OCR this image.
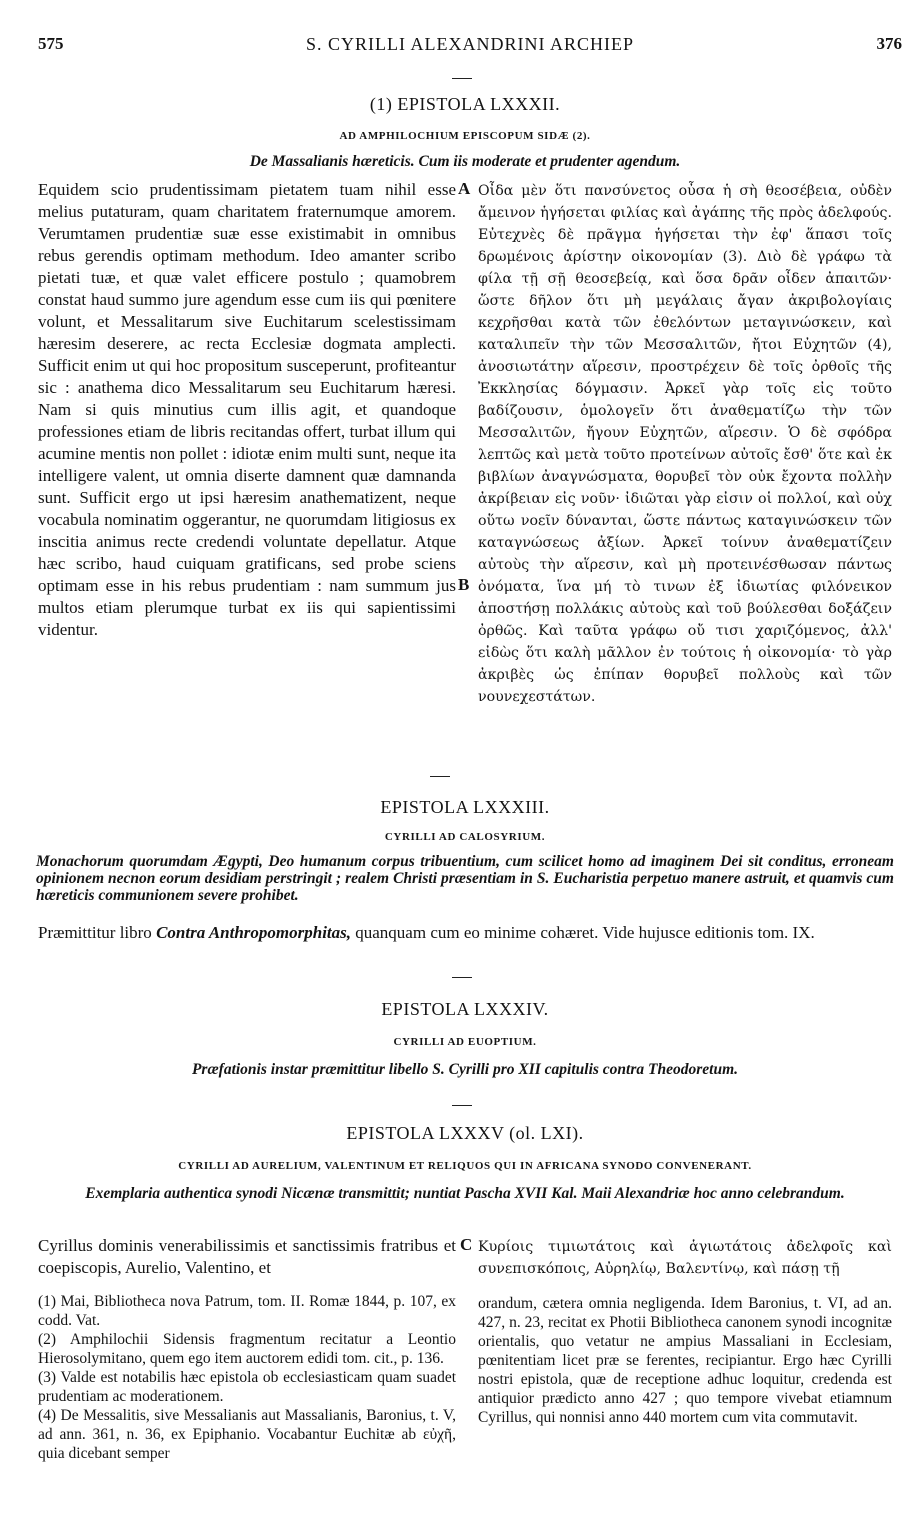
575	S. CYRILLI ALEXANDRINI ARCHIEP	376
(1) EPISTOLA LXXXII.
AD AMPHILOCHIUM EPISCOPUM SIDÆ (2).
De Massalianis hæreticis. Cum iis moderate et prudenter agendum.

Equidem scio prudentissimam pietatem tuam nihil esse melius putaturam, quam charitatem fraternumque amorem. Verumtamen prudentiæ suæ esse existimabit in omnibus rebus gerendis optimam methodum. Ideo amanter scribo pietati tuæ, et quæ valet efficere postulo ; quamobrem constat haud summo jure agendum esse cum iis qui pœnitere volunt, et Messalitarum sive Euchitarum scelestissimam hæresim deserere, ac recta Ecclesiæ dogmata amplecti. Sufficit enim ut qui hoc propositum susceperunt, profiteantur sic : anathema dico Messalitarum seu Euchitarum hæresi. Nam si quis minutius cum illis agit, et quandoque professiones etiam de libris recitandas offert, turbat illum qui acumine mentis non pollet : idiotæ enim multi sunt, neque ita intelligere valent, ut omnia diserte damnent quæ damnanda sunt. Sufficit ergo ut ipsi hæresim anathematizent, neque vocabula nominatim oggerantur, ne quorumdam litigiosus ex inscitia animus recte credendi voluntate depellatur. Atque hæc scribo, haud cuiquam gratificans, sed probe sciens optimam esse in his rebus prudentiam : nam summum jus multos etiam plerumque turbat ex iis qui sapientissimi videntur.

A
B

Οἶδα μὲν ὅτι πανσύνετος οὖσα ἡ σὴ θεοσέβεια, οὐδὲν ἄμεινον ἡγήσεται φιλίας καὶ ἀγάπης τῆς πρὸς ἀδελφούς. Εὐτεχνὲς δὲ πρᾶγμα ἡγήσεται τὴν ἐφ' ἅπασι τοῖς δρωμένοις ἀρίστην οἰκονομίαν (3). Διὸ δὲ γράφω τὰ φίλα τῇ σῇ θεοσεβείᾳ, καὶ ὅσα δρᾶν οἶδεν ἀπαιτῶν· ὥστε δῆλον ὅτι μὴ μεγάλαις ἄγαν ἀκριβολογίαις κεχρῆσθαι κατὰ τῶν ἐθελόντων μεταγινώσκειν, καὶ καταλιπεῖν τὴν τῶν Μεσσαλιτῶν, ἤτοι Εὐχητῶν (4), ἀνοσιωτάτην αἵρεσιν, προστρέχειν δὲ τοῖς ὀρθοῖς τῆς Ἐκκλησίας δόγμασιν. Ἀρκεῖ γὰρ τοῖς εἰς τοῦτο βαδίζουσιν, ὁμολογεῖν ὅτι ἀναθεματίζω τὴν τῶν Μεσσαλιτῶν, ἤγουν Εὐχητῶν, αἵρεσιν. Ὁ δὲ σφόδρα λεπτῶς καὶ μετὰ τοῦτο προτείνων αὐτοῖς ἔσθ' ὅτε καὶ ἐκ βιβλίων ἀναγνώσματα, θορυβεῖ τὸν οὐκ ἔχοντα πολλὴν ἀκρίβειαν εἰς νοῦν· ἰδιῶται γὰρ εἰσιν οἱ πολλοί, καὶ οὐχ οὕτω νοεῖν δύνανται, ὥστε πάντως καταγινώσκειν τῶν καταγνώσεως ἀξίων. Ἀρκεῖ τοίνυν ἀναθεματίζειν αὐτοὺς τὴν αἵρεσιν, καὶ μὴ προτεινέσθωσαν πάντως ὀνόματα, ἵνα μή τὸ τινων ἐξ ἰδιωτίας φιλόνεικον ἀποστήσῃ πολλάκις αὐτοὺς καὶ τοῦ βούλεσθαι δοξάζειν ὀρθῶς. Καὶ ταῦτα γράφω οὔ τισι χαριζόμενος, ἀλλ' εἰδὼς ὅτι καλὴ μᾶλλον ἐν τούτοις ἡ οἰκονομία· τὸ γὰρ ἀκριβὲς ὡς ἐπίπαν θορυβεῖ πολλοὺς καὶ τῶν νουνεχεστάτων.

EPISTOLA LXXXIII.
CYRILLI AD CALOSYRIUM.
Monachorum quorumdam Ægypti, Deo humanum corpus tribuentium, cum scilicet homo ad imaginem Dei sit conditus, erroneam opinionem necnon eorum desidiam perstringit ; realem Christi præsentiam in S. Eucharistia perpetuo manere astruit, et quamvis cum hæreticis communionem severe prohibet.
Præmittitur libro Contra Anthropomorphitas, quanquam cum eo minime cohæret. Vide hujusce editionis tom. IX.
EPISTOLA LXXXIV.
CYRILLI AD EUOPTIUM.
Præfationis instar præmittitur libello S. Cyrilli pro XII capitulis contra Theodoretum.
EPISTOLA LXXXV (ol. LXI).
CYRILLI AD AURELIUM, VALENTINUM ET RELIQUOS QUI IN AFRICANA SYNODO CONVENERANT.
Exemplaria authentica synodi Nicænæ transmittit; nuntiat Pascha XVII Kal. Maii Alexandriæ hoc anno celebrandum.

Cyrillus dominis venerabilissimis et sanctissimis fratribus et coepiscopis, Aurelio, Valentino, et

C Κυρίοις τιμιωτάτοις καὶ ἁγιωτάτοις ἀδελφοῖς καὶ συνεπισκόποις, Αὐρηλίῳ, Βαλεντίνῳ, καὶ πάσῃ τῇ

(1) Mai, Bibliotheca nova Patrum, tom. II. Romæ 1844, p. 107, ex codd. Vat.

(2) Amphilochii Sidensis fragmentum recitatur a Leontio Hierosolymitano, quem ego item auctorem edidi tom. cit., p. 136.

(3) Valde est notabilis hæc epistola ob ecclesiasticam quam suadet prudentiam ac moderationem.

(4) De Messalitis, sive Messalianis aut Massalianis, Baronius, t. V, ad ann. 361, n. 36, ex Epiphanio. Vocabantur Euchitæ ab εὐχῆ, quia dicebant semper

orandum, cætera omnia negligenda. Idem Baronius, t. VI, ad an. 427, n. 23, recitat ex Photii Bibliotheca canonem synodi incognitæ orientalis, quo vetatur ne ampius Massaliani in Ecclesiam, pœnitentiam licet præ se ferentes, recipiantur. Ergo hæc Cyrilli nostri epistola, quæ de receptione adhuc loquitur, credenda est antiquior prædicto anno 427 ; quo tempore vivebat etiamnum Cyrillus, qui nonnisi anno 440 mortem cum vita commutavit.
